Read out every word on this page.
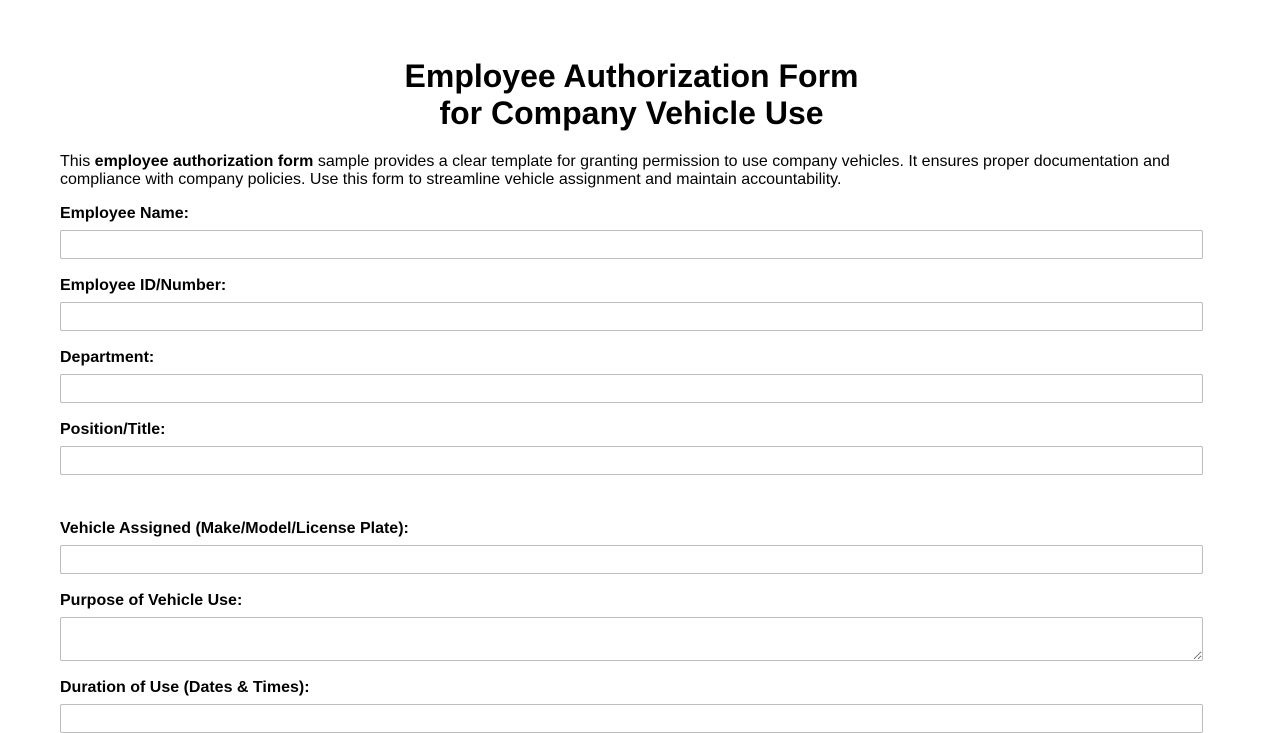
Employee Authorization Form
for Company Vehicle Use

This employee authorization form sample provides a clear template for granting permission to use company vehicles. It ensures proper documentation and compliance with company policies. Use this form to streamline vehicle assignment and maintain accountability.

Employee Name:
Employee ID/Number:
Department:
Position/Title:
Vehicle Assigned (Make/Model/License Plate):
Purpose of Vehicle Use:
Duration of Use (Dates & Times):
